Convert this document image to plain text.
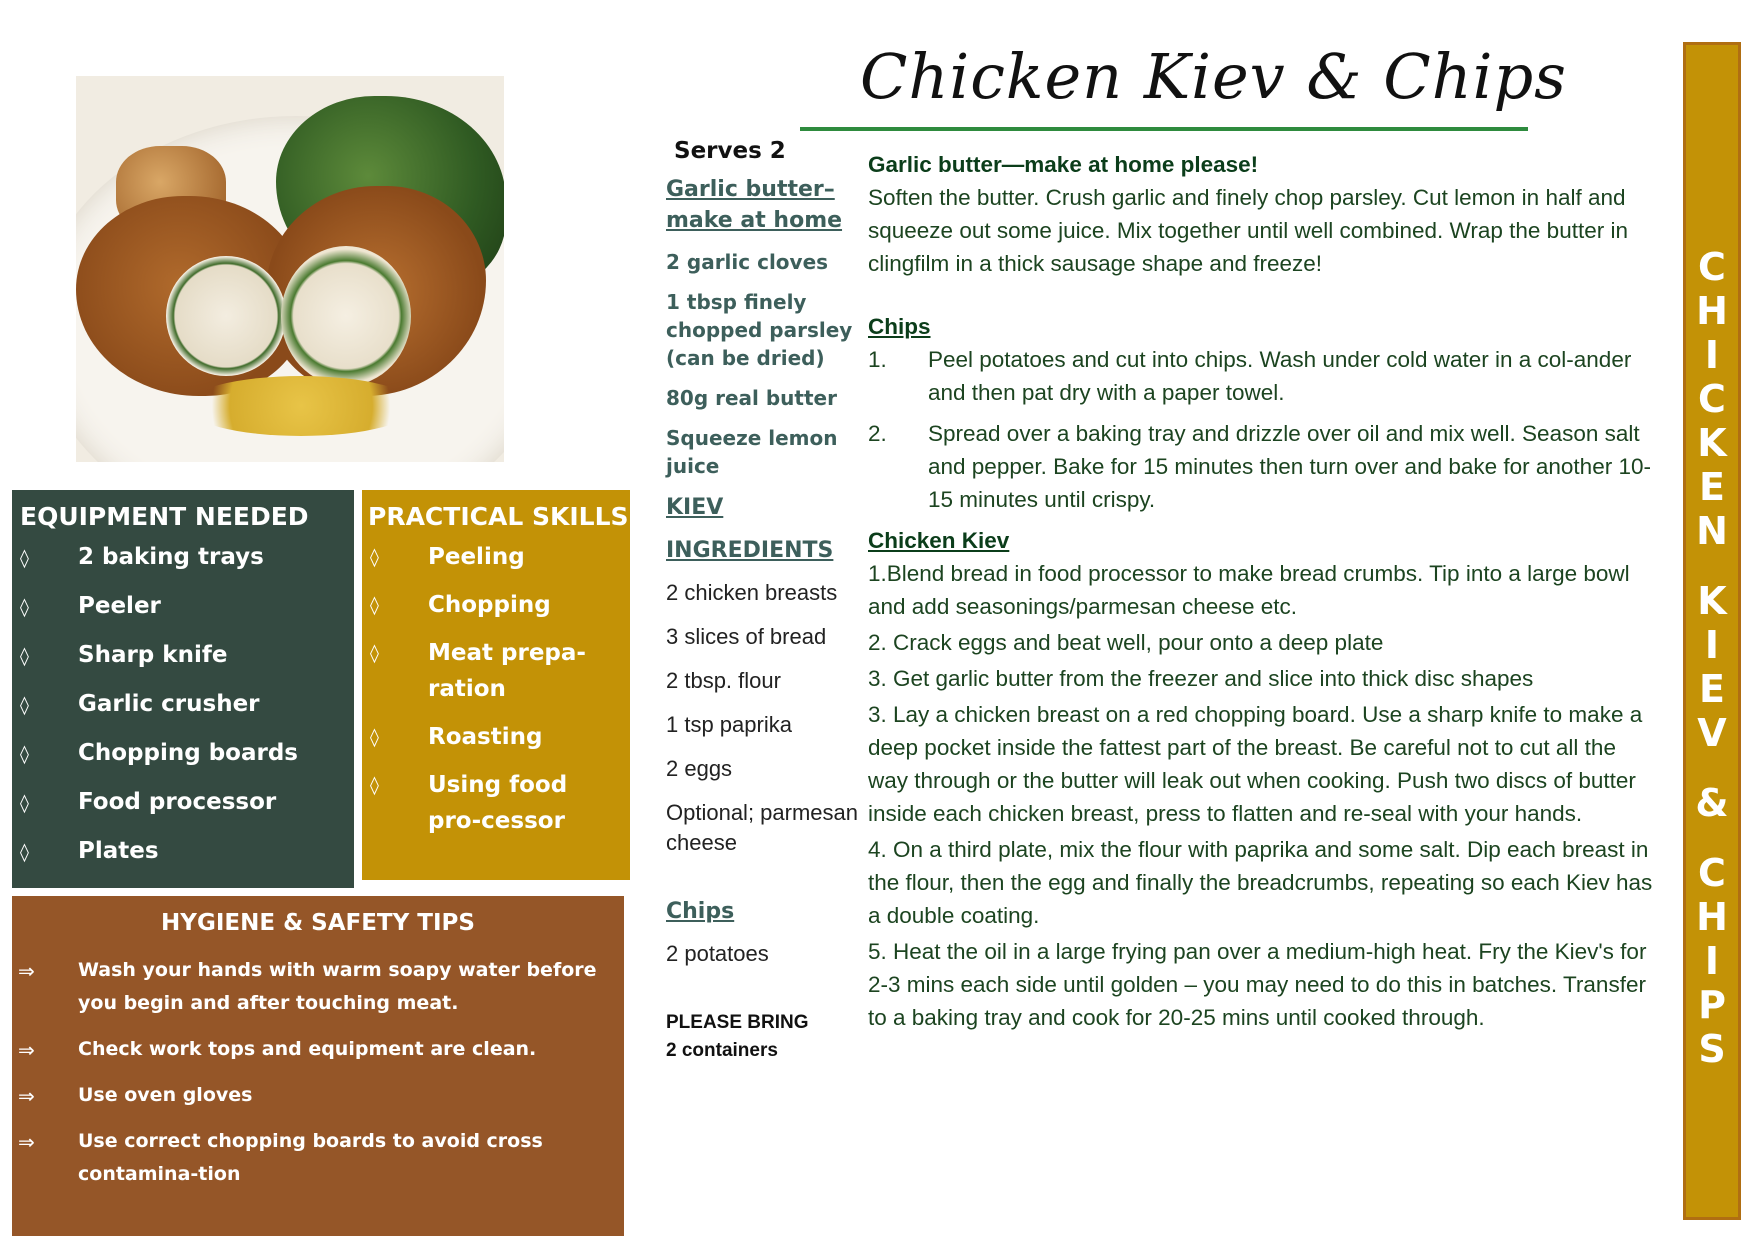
Chicken Kiev & Chips
C
H
I
C
K
E
N
K
I
E
V
&
C
H
I
P
S
EQUIPMENT NEEDED
◊ 2 baking trays
◊ Peeler
◊ Sharp knife
◊ Garlic crusher
◊ Chopping boards
◊ Food processor
◊ Plates
PRACTICAL SKILLS
◊ Peeling
◊ Chopping
◊ Meat prepa-ration
◊ Roasting
◊ Using food pro-cessor
HYGIENE & SAFETY TIPS
⇒ Wash your hands with warm soapy water before you begin and after touching meat.
⇒ Check work tops and equipment are clean.
⇒ Use oven gloves
⇒ Use correct chopping boards to avoid cross contamina-tion
Serves 2
Garlic butter–make at home
2 garlic cloves
1 tbsp finely chopped parsley (can be dried)
80g real butter
Squeeze lemon juice
KIEV
INGREDIENTS
2 chicken breasts
3 slices of bread
2 tbsp. flour
1 tsp paprika
2 eggs
Optional; parmesan cheese
Chips
2 potatoes
PLEASE BRING
2 containers

Garlic butter—make at home please!

Soften the butter. Crush garlic and finely chop parsley. Cut lemon in half and squeeze out some juice. Mix together until well combined. Wrap the butter in clingfilm in a thick sausage shape and freeze!

Chips

1.	Peel potatoes and cut into chips. Wash under cold water in a col-ander and then pat dry with a paper towel.
2.	Spread over a baking tray and drizzle over oil and mix well. Season salt and pepper. Bake for 15 minutes then turn over and bake for another 10-15 minutes until crispy.

Chicken Kiev

1.Blend bread in food processor to make bread crumbs. Tip into a large bowl and add seasonings/parmesan cheese etc.

2. Crack eggs and beat well, pour onto a deep plate

3. Get garlic butter from the freezer and slice into thick disc shapes

3. Lay a chicken breast on a red chopping board. Use a sharp knife to make a deep pocket inside the fattest part of the breast. Be careful not to cut all the way through or the butter will leak out when cooking. Push two discs of butter inside each chicken breast, press to flatten and re-seal with your hands.

4. On a third plate, mix the flour with paprika and some salt. Dip each breast in the flour, then the egg and finally the breadcrumbs, repeating so each Kiev has a double coating.

5. Heat the oil in a large frying pan over a medium-high heat. Fry the Kiev's for 2-3 mins each side until golden – you may need to do this in batches. Transfer to a baking tray and cook for 20-25 mins until cooked through.
